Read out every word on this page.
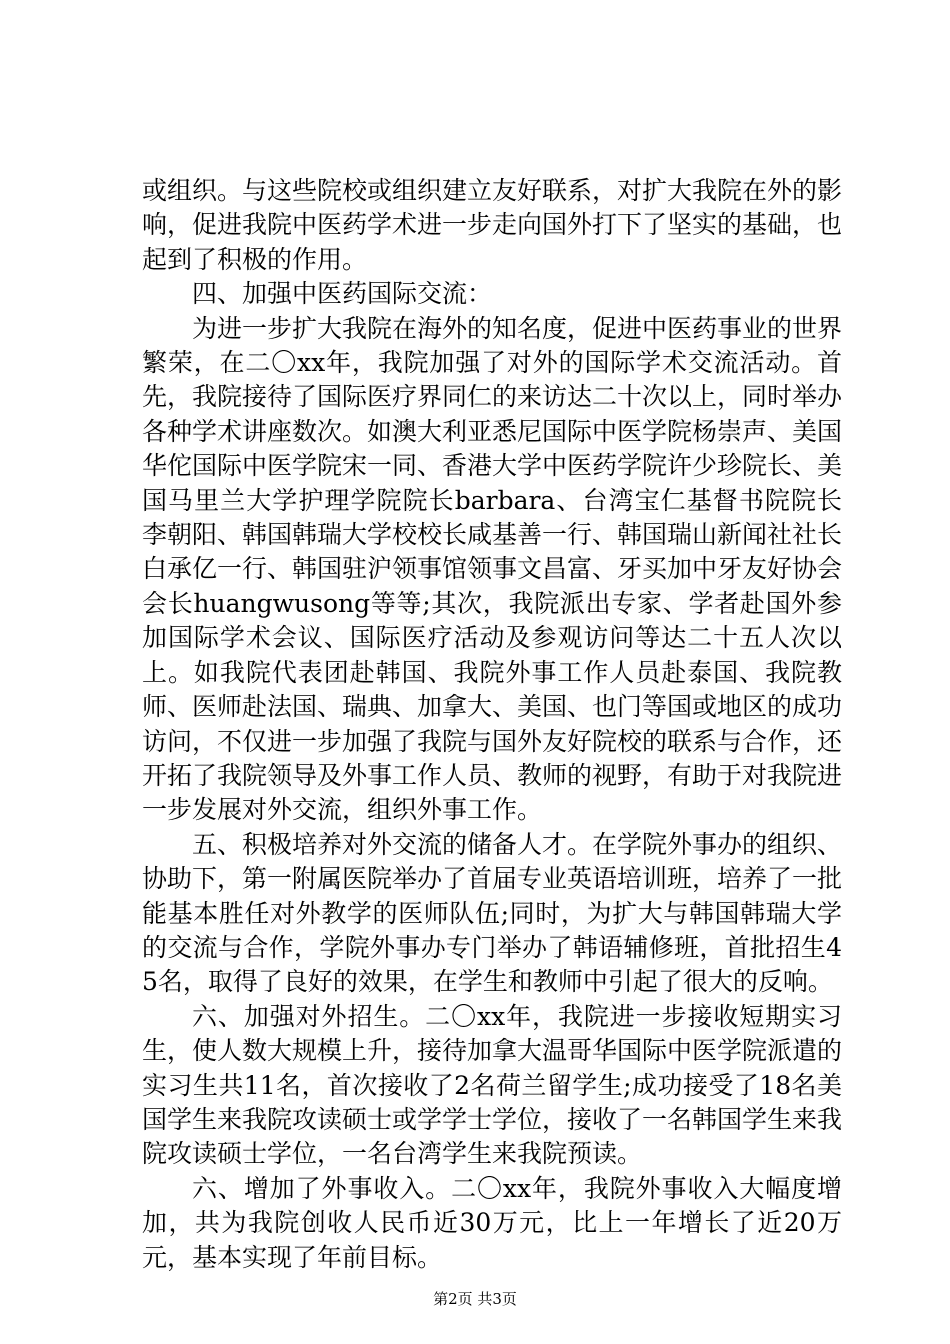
或组织。与这些院校或组织建立友好联系，对扩大我院在外的影响，促进我院中医药学术进一步走向国外打下了坚实的基础，也起到了积极的作用。

四、加强中医药国际交流：

为进一步扩大我院在海外的知名度，促进中医药事业的世界繁荣，在二〇xx年，我院加强了对外的国际学术交流活动。首先，我院接待了国际医疗界同仁的来访达二十次以上，同时举办各种学术讲座数次。如澳大利亚悉尼国际中医学院杨崇声、美国华佗国际中医学院宋一同、香港大学中医药学院许少珍院长、美国马里兰大学护理学院院长barbara、台湾宝仁基督书院院长李朝阳、韩国韩瑞大学校校长咸基善一行、韩国瑞山新闻社社长白承亿一行、韩国驻沪领事馆领事文昌富、牙买加中牙友好协会会长huangwusong等等;其次，我院派出专家、学者赴国外参加国际学术会议、国际医疗活动及参观访问等达二十五人次以上。如我院代表团赴韩国、我院外事工作人员赴泰国、我院教师、医师赴法国、瑞典、加拿大、美国、也门等国或地区的成功访问，不仅进一步加强了我院与国外友好院校的联系与合作，还开拓了我院领导及外事工作人员、教师的视野，有助于对我院进一步发展对外交流，组织外事工作。

五、积极培养对外交流的储备人才。在学院外事办的组织、协助下，第一附属医院举办了首届专业英语培训班，培养了一批能基本胜任对外教学的医师队伍;同时，为扩大与韩国韩瑞大学的交流与合作，学院外事办专门举办了韩语辅修班，首批招生45名，取得了良好的效果，在学生和教师中引起了很大的反响。

六、加强对外招生。二〇xx年，我院进一步接收短期实习生，使人数大规模上升，接待加拿大温哥华国际中医学院派遣的实习生共11名，首次接收了2名荷兰留学生;成功接受了18名美国学生来我院攻读硕士或学学士学位，接收了一名韩国学生来我院攻读硕士学位，一名台湾学生来我院预读。

六、增加了外事收入。二〇xx年，我院外事收入大幅度增加，共为我院创收人民币近30万元，比上一年增长了近20万元，基本实现了年前目标。

第2页 共3页
